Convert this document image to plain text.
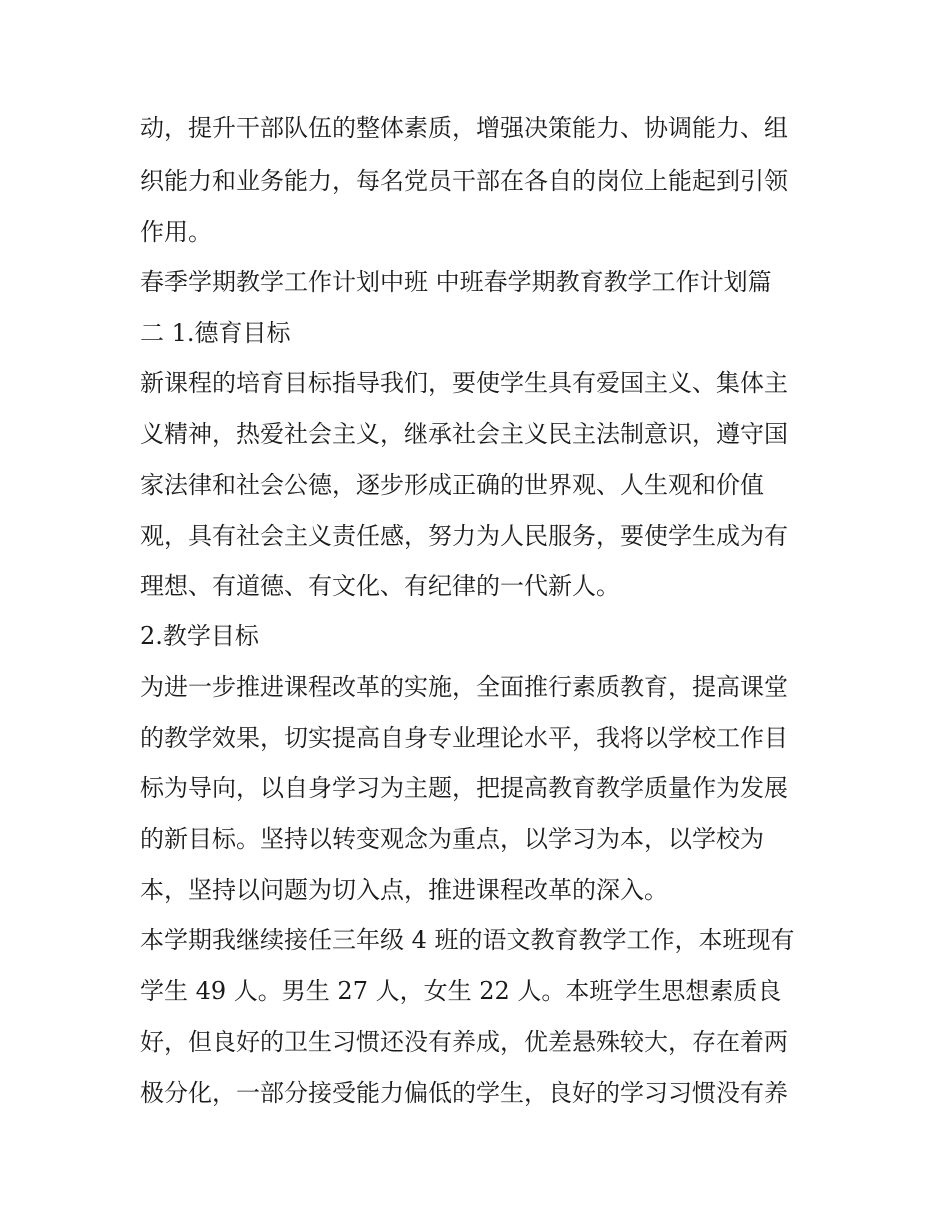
动，提升干部队伍的整体素质，增强决策能力、协调能力、组
织能力和业务能力，每名党员干部在各自的岗位上能起到引领
作用。
春季学期教学工作计划中班 中班春学期教育教学工作计划篇
二 1.德育目标
新课程的培育目标指导我们，要使学生具有爱国主义、集体主
义精神，热爱社会主义，继承社会主义民主法制意识，遵守国
家法律和社会公德，逐步形成正确的世界观、人生观和价值
观，具有社会主义责任感，努力为人民服务，要使学生成为有
理想、有道德、有文化、有纪律的一代新人。
2.教学目标
为进一步推进课程改革的实施，全面推行素质教育，提高课堂
的教学效果，切实提高自身专业理论水平，我将以学校工作目
标为导向，以自身学习为主题，把提高教育教学质量作为发展
的新目标。坚持以转变观念为重点，以学习为本，以学校为
本，坚持以问题为切入点，推进课程改革的深入。
本学期我继续接任三年级 4 班的语文教育教学工作，本班现有
学生 49 人。男生 27 人，女生 22 人。本班学生思想素质良
好，但良好的卫生习惯还没有养成，优差悬殊较大，存在着两
极分化，一部分接受能力偏低的学生，良好的学习习惯没有养
